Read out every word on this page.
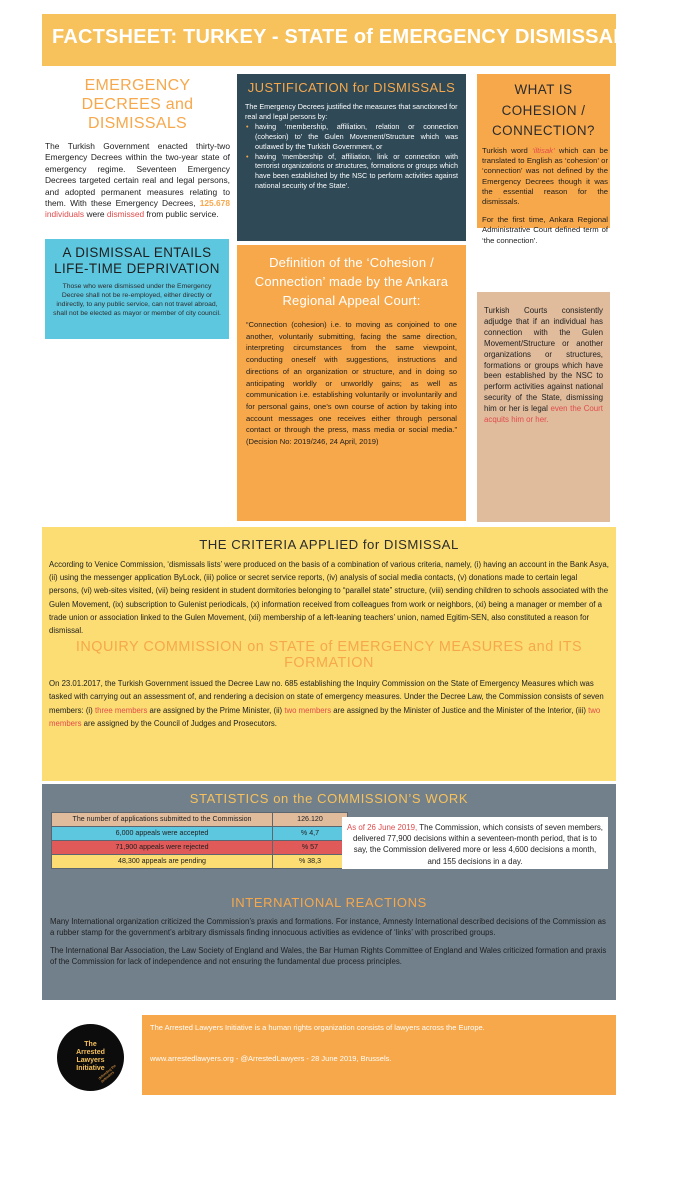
FACTSHEET: TURKEY - STATE of EMERGENCY DISMISSALS (June 2019)
EMERGENCY DECREES and DISMISSALS

The Turkish Government enacted thirty-two Emergency Decrees within the two-year state of emergency regime. Seventeen Emergency Decrees targeted certain real and legal persons, and adopted permanent measures relating to them. With these Emergency Decrees, 125.678 individuals were dismissed from public service.

A DISMISSAL ENTAILS LIFE-TIME DEPRIVATION

Those who were dismissed under the Emergency Decree shall not be re-employed, either directly or indirectly, to any public service, can not travel abroad, shall not be elected as mayor or member of city council.

JUSTIFICATION for DISMISSALS

The Emergency Decrees justified the measures that sanctioned for real and legal persons by:

• having ‘membership, affiliation, relation or connection (cohesion) to’ the Gulen Movement/Structure which was outlawed by the Turkish Government, or
• having ‘membership of, affiliation, link or connection with terrorist organizations or structures, formations or groups which have been established by the NSC to perform activities against national security of the State’.
Definition of the ‘Cohesion / Connection’ made by the Ankara Regional Appeal Court:

“Connection (cohesion) i.e. to moving as conjoined to one another, voluntarily submitting, facing the same direction, interpreting circumstances from the same viewpoint, conducting oneself with suggestions, instructions and directions of an organization or structure, and in doing so anticipating worldly or unworldly gains; as well as communication i.e. establishing voluntarily or involuntarily and for personal gains, one’s own course of action by taking into account messages one receives either through personal contact or through the press, mass media or social media.” (Decision No: 2019/246, 24 April, 2019)

WHAT IS COHESION / CONNECTION?

Turkish word ‘iltisak’ which can be translated to English as ‘cohesion’ or ‘connection’ was not defined by the Emergency Decrees though it was the essential reason for the dismissals.

For the first time, Ankara Regional Administrative Court defined term of ‘the connection’.

Turkish Courts consistently adjudge that if an individual has connection with the Gulen Movement/Structure or another organizations or structures, formations or groups which have been established by the NSC to perform activities against national security of the State, dismissing him or her is legal even the Court acquits him or her.

THE CRITERIA APPLIED for DISMISSAL

According to Venice Commission, ‘dismissals lists’ were produced on the basis of a combination of various criteria, namely, (i) having an account in the Bank Asya, (ii) using the messenger application ByLock, (iii) police or secret service reports, (iv) analysis of social media contacts, (v) donations made to certain legal persons, (vi) web-sites visited, (vii) being resident in student dormitories belonging to “parallel state” structure, (viii) sending children to schools associated with the Gulen Movement, (ix) subscription to Gulenist periodicals, (x) information received from colleagues from work or neighbors, (xi) being a manager or member of a trade union or association linked to the Gulen Movement, (xii) membership of a left-leaning teachers’ union, named Egitim-SEN, also constituted a reason for dismissal.

INQUIRY COMMISSION on STATE of EMERGENCY MEASURES and ITS FORMATION

On 23.01.2017, the Turkish Government issued the Decree Law no. 685 establishing the Inquiry Commission on the State of Emergency Measures which was tasked with carrying out an assessment of, and rendering a decision on state of emergency measures. Under the Decree Law, the Commission consists of seven members: (i) three members are assigned by the Prime Minister, (ii) two members are assigned by the Minister of Justice and the Minister of the Interior, (iii) two members are assigned by the Council of Judges and Prosecutors.

STATISTICS on the COMMISSION’S WORK
The number of applications submitted to the Commission	126.120
6,000 appeals were accepted	% 4,7
71,900 appeals were rejected	% 57
48,300 appeals are pending	% 38,3
As of 26 June 2019, The Commission, which consists of seven members, delivered 77,900 decisions within a seventeen-month period, that is to say, the Commission delivered more or less 4,600 decisions a month, and 155 decisions in a day.
INTERNATIONAL REACTIONS

Many International organization criticized the Commission’s praxis and formations. For instance, Amnesty International described decisions of the Commission as a rubber stamp for the government’s arbitrary dismissals finding innocuous activities as evidence of ‘links’ with proscribed groups.

The International Bar Association, the Law Society of England and Wales, the Bar Human Rights Committee of England and Wales criticized formation and praxis of the Commission for lack of independence and not ensuring the fundamental due process principles.

The
Arrested
Lawyers
Initiative
defending the defenders

The Arrested Lawyers Initiative is a human rights organization consists of lawyers across the Europe.

www.arrestedlawyers.org - @ArrestedLawyers - 28 June 2019, Brussels.
